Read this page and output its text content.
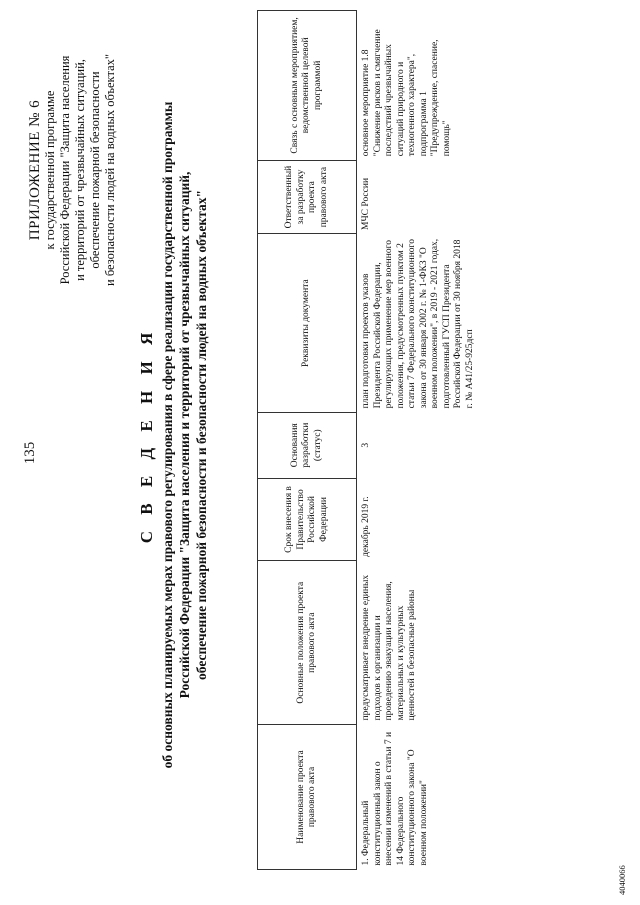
135
ПРИЛОЖЕНИЕ № 6 к государственной программе Российской Федерации "Защита населения и территорий от чрезвычайных ситуаций, обеспечение пожарной безопасности и безопасности людей на водных объектах"
С В Е Д Е Н И Я об основных планируемых мерах правового регулирования в сфере реализации государственной программы Российской Федерации "Защита населения и территорий от чрезвычайных ситуаций, обеспечение пожарной безопасности и безопасности людей на водных объектах"
Наименование проекта правового акта	Основные положения проекта правового акта	Срок внесения в Правительство Российской Федерации	Основания разработки (статус)	Реквизиты документа	Ответственный за разработку проекта правового акта	Связь с основным мероприятием, ведомственной целевой программой
1. Федеральный конституционный закон о внесении изменений в статьи 7 и 14 Федерального конституционного закона "О военном положении"	предусматривает внедрение единых подходов к организации и проведению эвакуации населения, материальных и культурных ценностей в безопасные районы	декабрь 2019 г.	3	план подготовки проектов указов Президента Российской Федерации, регулирующих применение мер военного положения, предусмотренных пунктом 2 статьи 7 Федерального конституционного закона от 30 января 2002 г. № 1-ФКЗ "О военном положении", в 2019 - 2021 годах, подготовленный ГУСП Президента Российской Федерации от 30 ноября 2018 г. № А41/25-925дсп	МЧС России	основное мероприятие 1.8 "Снижение рисков и смягчение последствий чрезвычайных ситуаций природного и техногенного характера", подпрограмма 1 "Предупреждение, спасение, помощь"
4040066
